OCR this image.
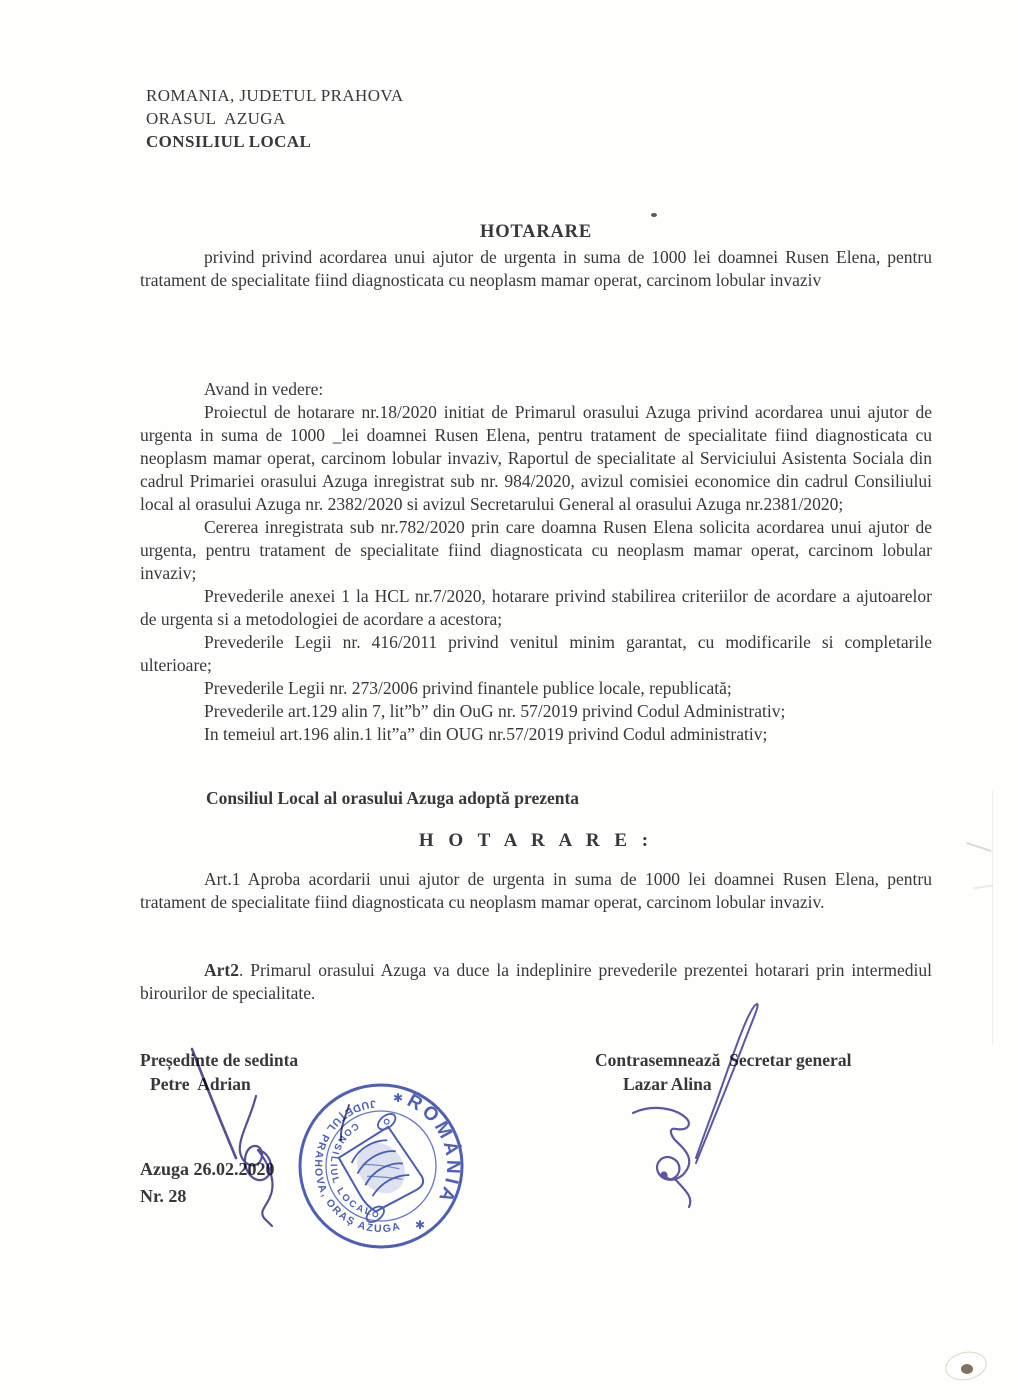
ROMANIA, JUDETUL PRAHOVA
ORASUL  AZUGA
CONSILIUL LOCAL
HOTARARE

privind privind acordarea unui ajutor de urgenta in suma de 1000 lei doamnei Rusen Elena, pentru tratament de specialitate fiind diagnosticata cu neoplasm mamar operat, carcinom lobular invaziv

Avand in vedere:

Proiectul de hotarare nr.18/2020 initiat de Primarul orasului Azuga privind acordarea unui ajutor de urgenta in suma de 1000 _lei doamnei Rusen Elena, pentru tratament de specialitate fiind diagnosticata cu neoplasm mamar operat, carcinom lobular invaziv, Raportul de specialitate al Serviciului Asistenta Sociala din cadrul Primariei orasului Azuga inregistrat sub nr. 984/2020, avizul comisiei economice din cadrul Consiliului local al orasului Azuga nr. 2382/2020 si avizul Secretarului General al orasului Azuga nr.2381/2020;

Cererea inregistrata sub nr.782/2020 prin care doamna Rusen Elena solicita acordarea unui ajutor de urgenta, pentru tratament de specialitate fiind diagnosticata cu neoplasm mamar operat, carcinom lobular invaziv;

Prevederile anexei 1 la HCL nr.7/2020, hotarare privind stabilirea criteriilor de acordare a ajutoarelor de urgenta si a metodologiei de acordare a acestora;

Prevederile Legii nr. 416/2011 privind venitul minim garantat, cu modificarile si completarile ulterioare;

Prevederile Legii nr. 273/2006 privind finantele publice locale, republicată;

Prevederile art.129 alin 7, lit”b” din OuG nr. 57/2019 privind Codul Administrativ;

In temeiul art.196 alin.1 lit”a” din OUG nr.57/2019 privind Codul administrativ;

Consiliul Local al orasului Azuga adoptă prezenta

H O T A R A R E :

Art.1 Aproba acordarii unui ajutor de urgenta in suma de 1000 lei doamnei Rusen Elena, pentru tratament de specialitate fiind diagnosticata cu neoplasm mamar operat, carcinom lobular invaziv.

Art2. Primarul orasului Azuga va duce la indeplinire prevederile prezentei hotarari prin intermediul birourilor de specialitate.

Președinte de sedinta
Petre  Adrian
Contrasemnează  Secretar general
Lazar Alina
Azuga 26.02.2020
Nr. 28
JUDEŢUL PRAHOVA, ORAŞ AZUGA
CONSILIUL LOCAL
ROMÂNIA
✱
✱
